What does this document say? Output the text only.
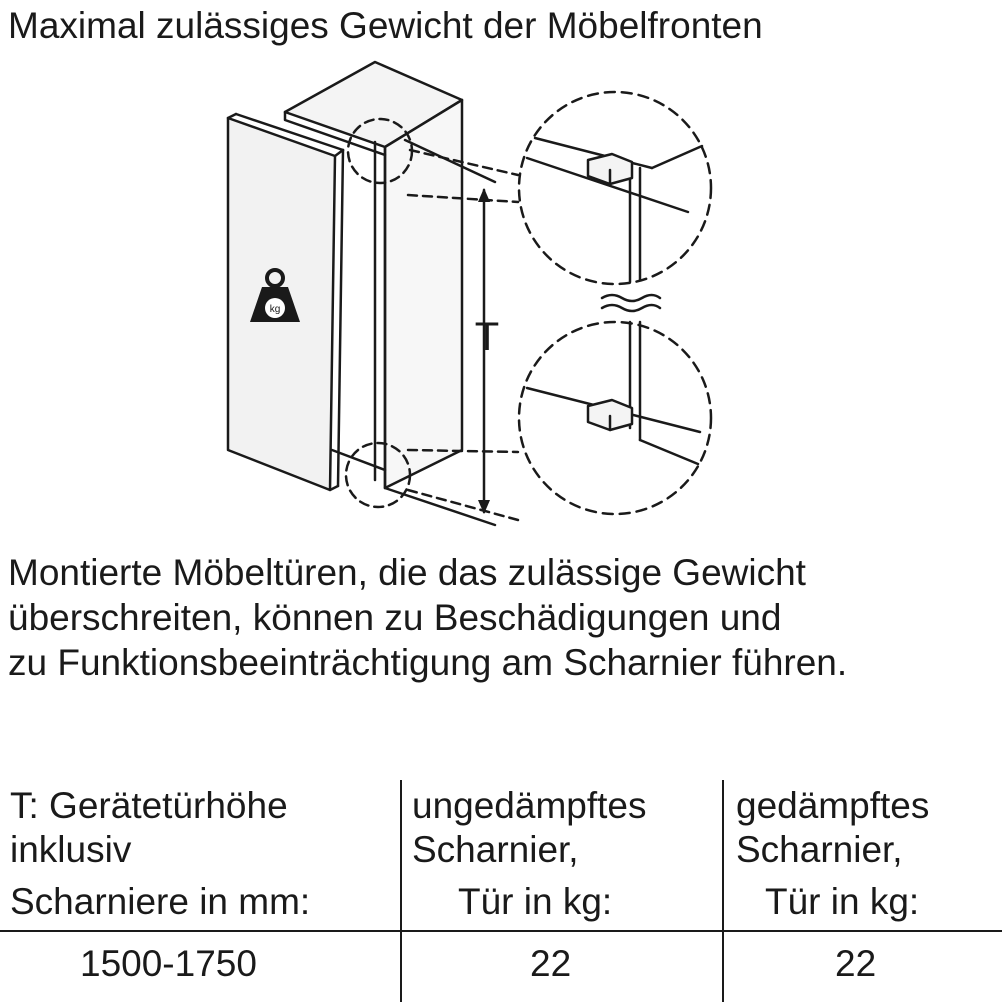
Maximal zulässiges Gewicht der Möbelfronten
kg
T
Montierte Möbeltüren, die das zulässige Gewicht
überschreiten, können zu Beschädigungen und
zu Funktionsbeeinträchtigung am Scharnier führen.
T: Gerätetürhöhe
inklusiv
Scharniere in mm:
ungedämpftes
Scharnier,
Tür in kg:
gedämpftes
Scharnier,
Tür in kg:
1500-1750	22	22
